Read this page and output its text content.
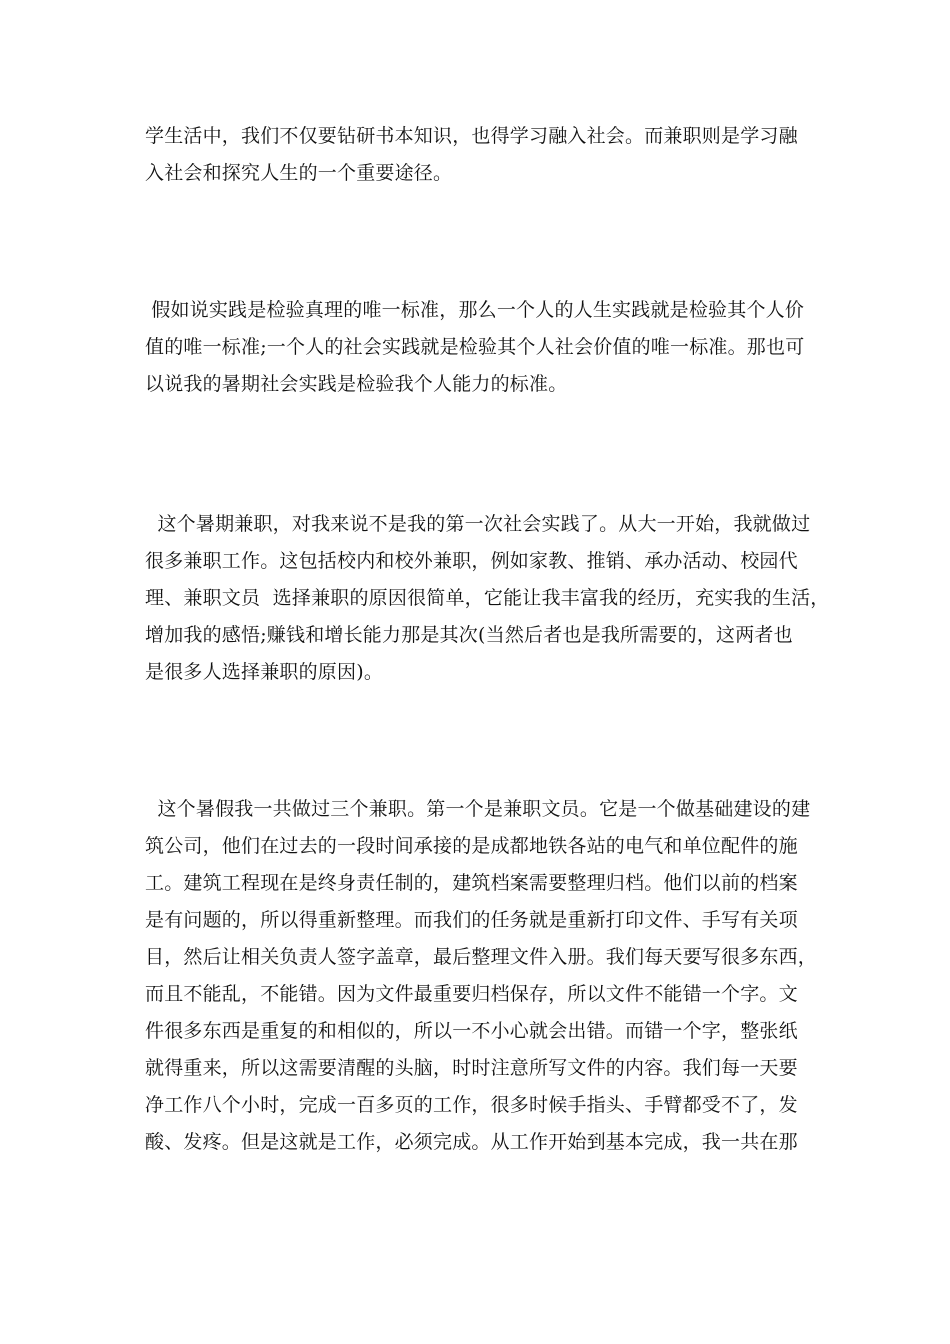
学生活中，我们不仅要钻研书本知识，也得学习融入社会。而兼职则是学习融
入社会和探究人生的一个重要途径。
假如说实践是检验真理的唯一标准，那么一个人的人生实践就是检验其个人价
值的唯一标准;一个人的社会实践就是检验其个人社会价值的唯一标准。那也可
以说我的暑期社会实践是检验我个人能力的标准。
这个暑期兼职，对我来说不是我的第一次社会实践了。从大一开始，我就做过
很多兼职工作。这包括校内和校外兼职，例如家教、推销、承办活动、校园代
理、兼职文员  选择兼职的原因很简单，它能让我丰富我的经历，充实我的生活，
增加我的感悟;赚钱和增长能力那是其次(当然后者也是我所需要的，这两者也
是很多人选择兼职的原因)。
这个暑假我一共做过三个兼职。第一个是兼职文员。它是一个做基础建设的建
筑公司，他们在过去的一段时间承接的是成都地铁各站的电气和单位配件的施
工。建筑工程现在是终身责任制的，建筑档案需要整理归档。他们以前的档案
是有问题的，所以得重新整理。而我们的任务就是重新打印文件、手写有关项
目，然后让相关负责人签字盖章，最后整理文件入册。我们每天要写很多东西，
而且不能乱，不能错。因为文件最重要归档保存，所以文件不能错一个字。文
件很多东西是重复的和相似的，所以一不小心就会出错。而错一个字，整张纸
就得重来，所以这需要清醒的头脑，时时注意所写文件的内容。我们每一天要
净工作八个小时，完成一百多页的工作，很多时候手指头、手臂都受不了，发
酸、发疼。但是这就是工作，必须完成。从工作开始到基本完成，我一共在那
